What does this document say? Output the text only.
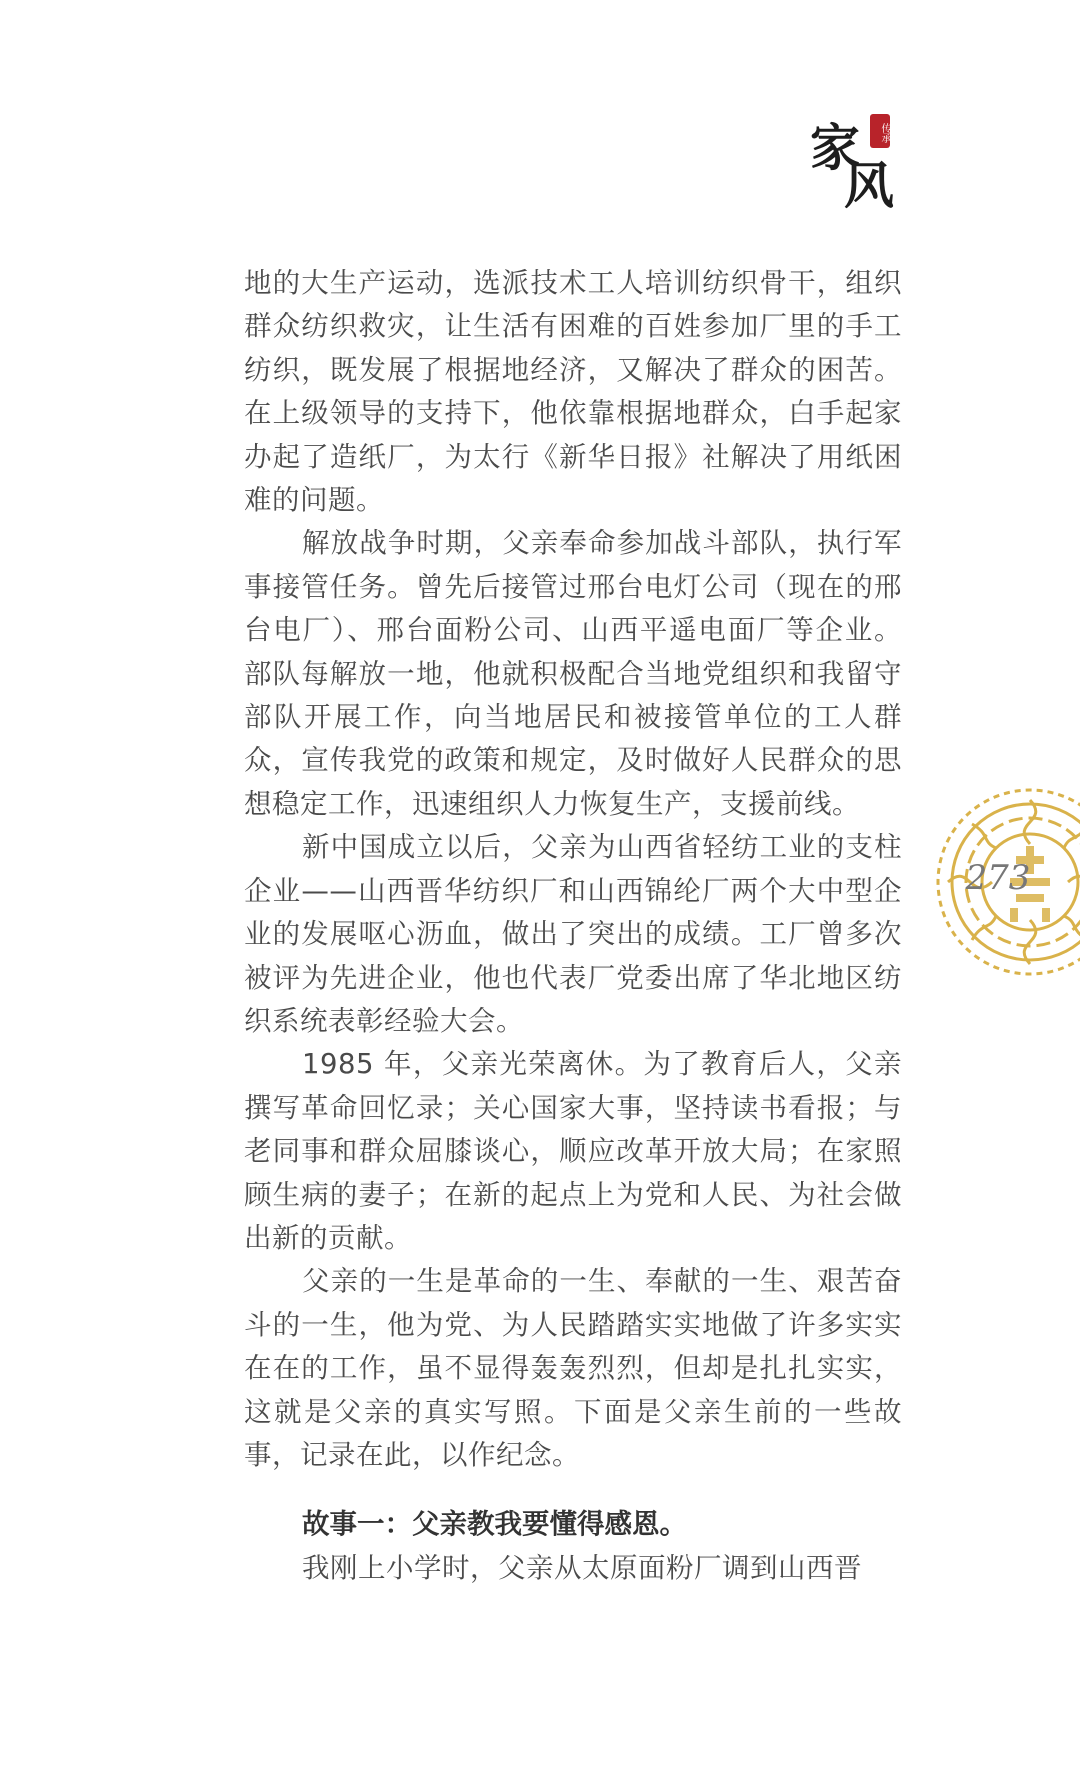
家
风
传承

地的大生产运动，选派技术工人培训纺织骨干，组织群众纺织救灾，让生活有困难的百姓参加厂里的手工纺织，既发展了根据地经济，又解决了群众的困苦。在上级领导的支持下，他依靠根据地群众，白手起家办起了造纸厂，为太行《新华日报》社解决了用纸困难的问题。

解放战争时期，父亲奉命参加战斗部队，执行军事接管任务。曾先后接管过邢台电灯公司（现在的邢台电厂）、邢台面粉公司、山西平遥电面厂等企业。部队每解放一地，他就积极配合当地党组织和我留守部队开展工作，向当地居民和被接管单位的工人群众，宣传我党的政策和规定，及时做好人民群众的思想稳定工作，迅速组织人力恢复生产，支援前线。

新中国成立以后，父亲为山西省轻纺工业的支柱企业——山西晋华纺织厂和山西锦纶厂两个大中型企业的发展呕心沥血，做出了突出的成绩。工厂曾多次被评为先进企业，他也代表厂党委出席了华北地区纺织系统表彰经验大会。

1985 年，父亲光荣离休。为了教育后人，父亲撰写革命回忆录；关心国家大事，坚持读书看报；与老同事和群众屈膝谈心，顺应改革开放大局；在家照顾生病的妻子；在新的起点上为党和人民、为社会做出新的贡献。

父亲的一生是革命的一生、奉献的一生、艰苦奋斗的一生，他为党、为人民踏踏实实地做了许多实实在在的工作，虽不显得轰轰烈烈，但却是扎扎实实，这就是父亲的真实写照。下面是父亲生前的一些故事，记录在此，以作纪念。

故事一：父亲教我要懂得感恩。

我刚上小学时，父亲从太原面粉厂调到山西晋

273
